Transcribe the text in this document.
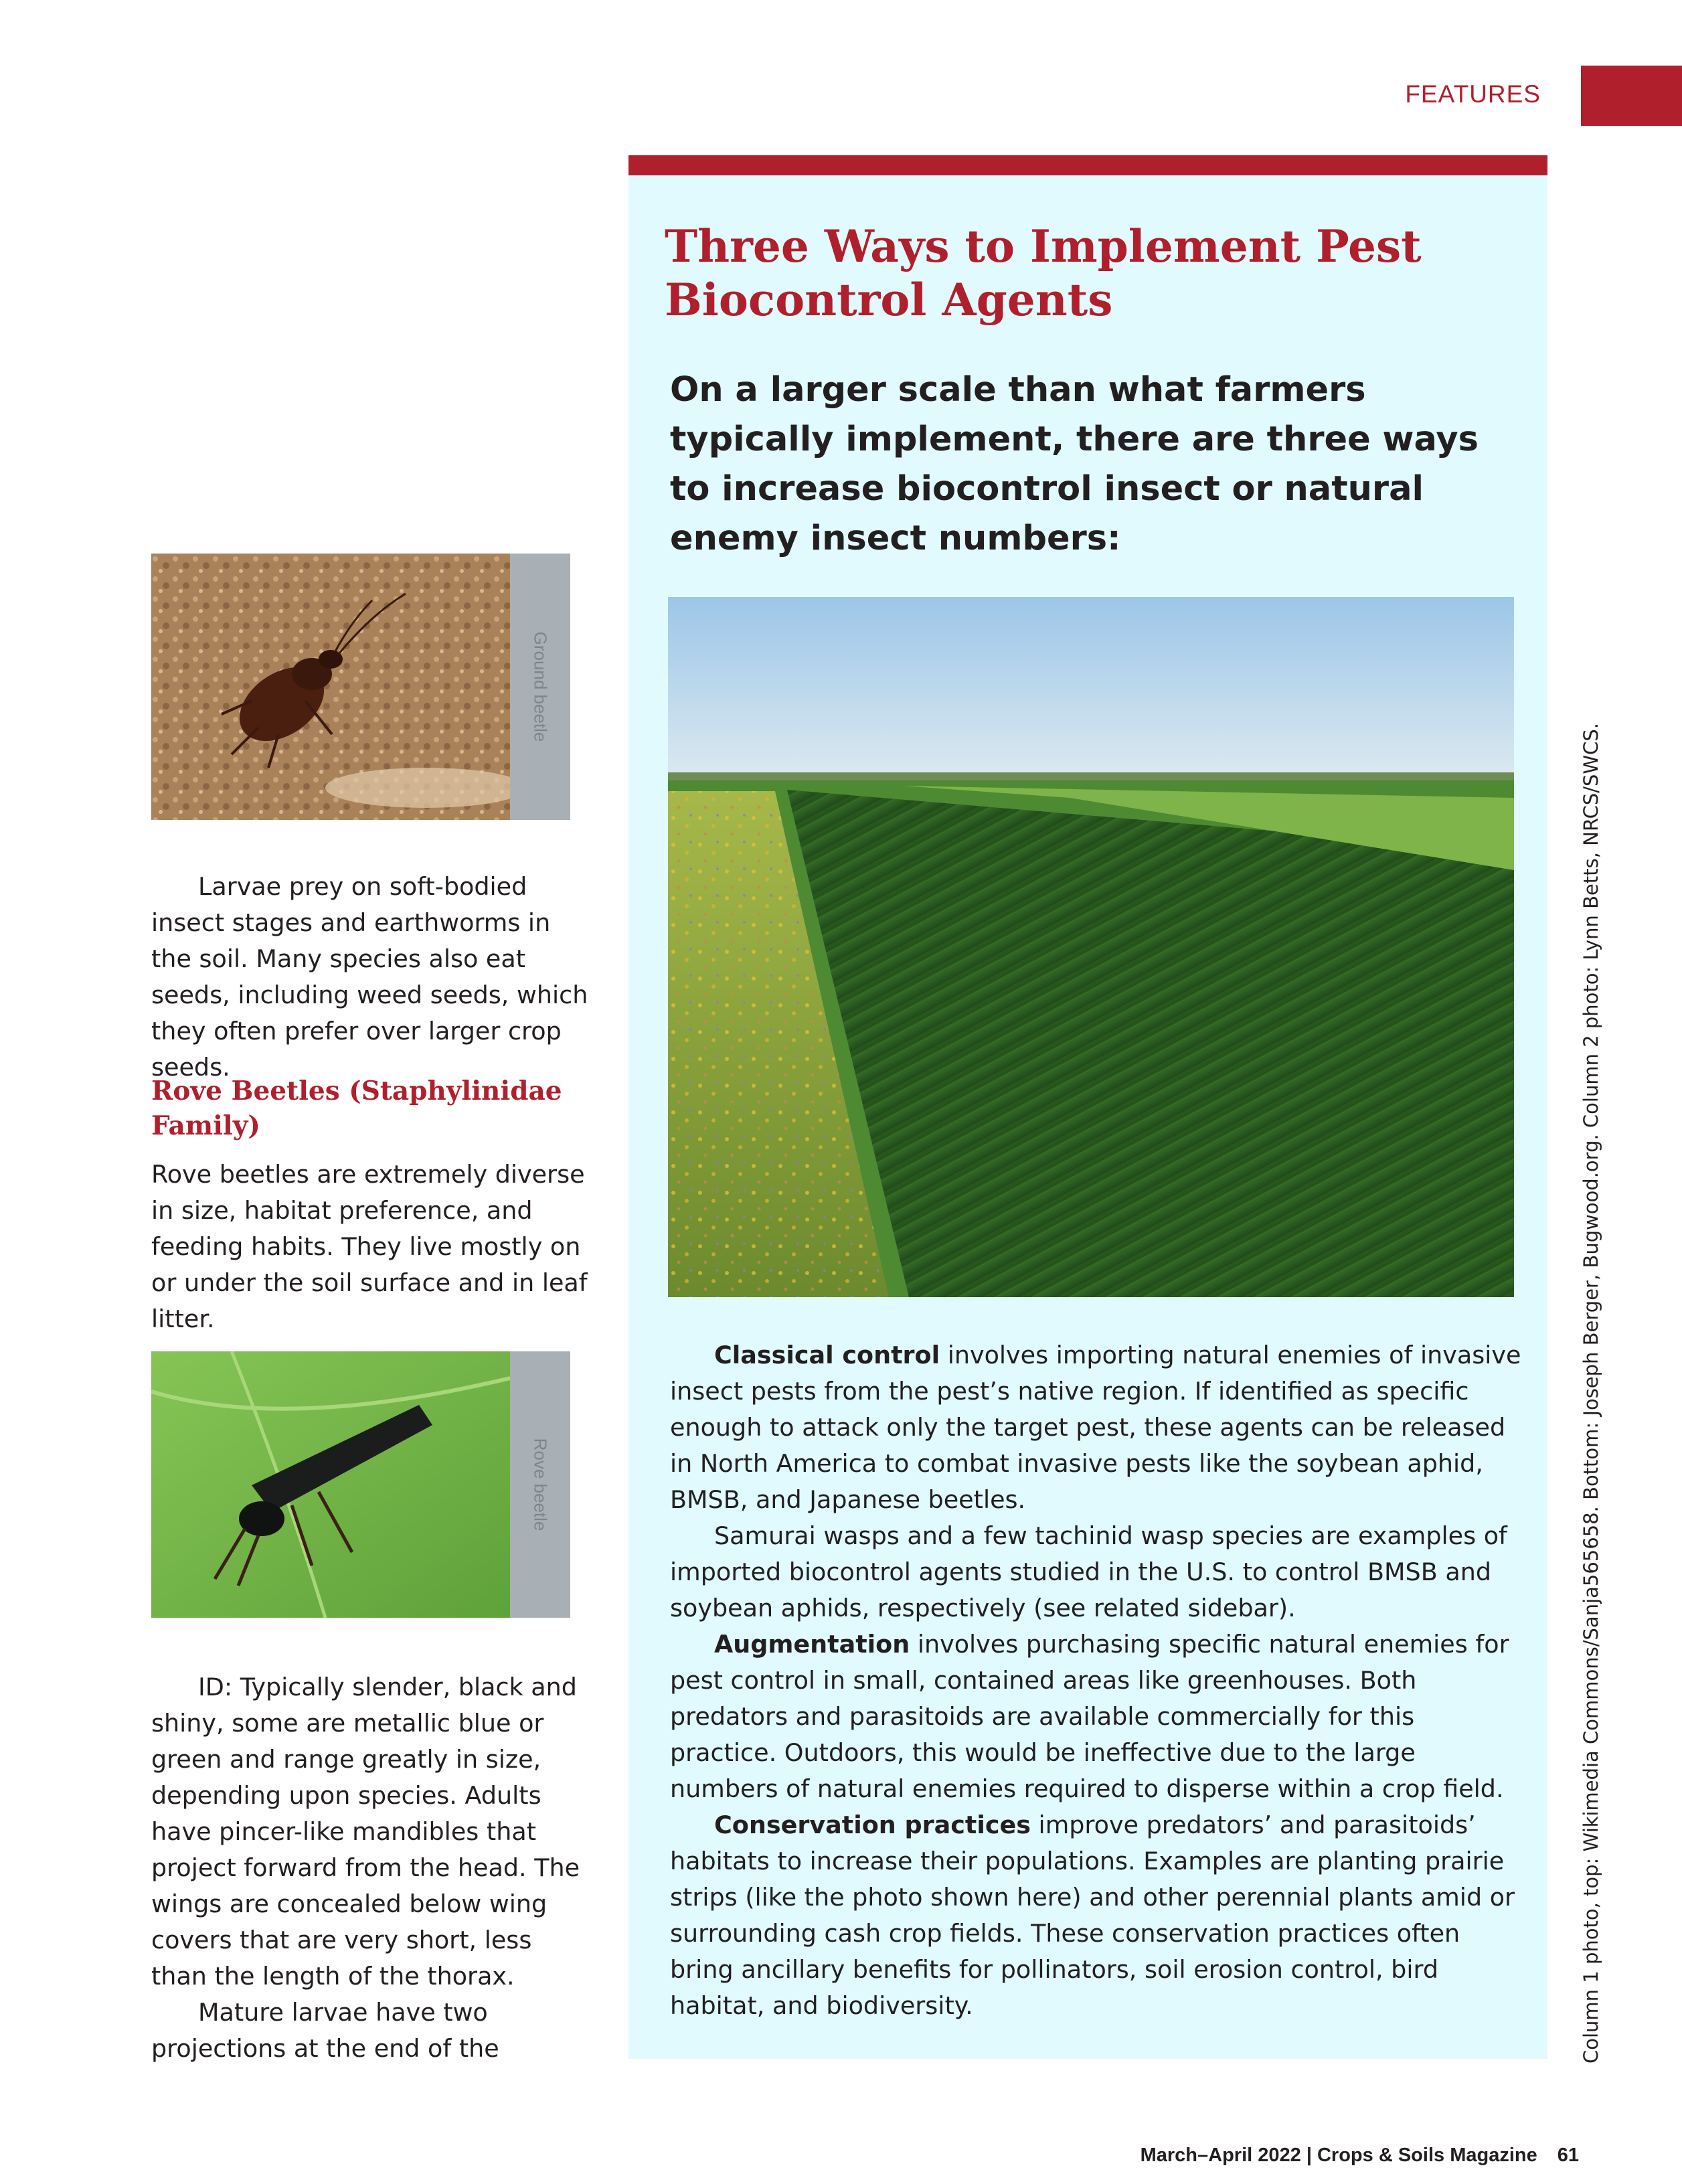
FEATURES
Three Ways to Implement Pest Biocontrol Agents

On a larger scale than what farmers typically implement, there are three ways to increase biocontrol insect or natural enemy insect numbers:

Classical control involves importing natural enemies of invasive insect pests from the pest’s native region. If identified as specific enough to attack only the target pest, these agents can be released in North America to combat invasive pests like the soybean aphid, BMSB, and Japanese beetles.

Samurai wasps and a few tachinid wasp species are examples of imported biocontrol agents studied in the U.S. to control BMSB and soybean aphids, respectively (see related sidebar).

Augmentation involves purchasing specific natural enemies for pest control in small, contained areas like greenhouses. Both predators and parasitoids are available commercially for this practice. Outdoors, this would be ineffective due to the large numbers of natural enemies required to disperse within a crop field.

Conservation practices improve predators’ and parasitoids’ habitats to increase their populations. Examples are planting prairie strips (like the photo shown here) and other perennial plants amid or surrounding cash crop fields. These conservation practices often bring ancillary benefits for pollinators, soil erosion control, bird habitat, and biodiversity.

Ground beetle

Larvae prey on soft-bodied insect stages and earthworms in the soil. Many species also eat seeds, including weed seeds, which they often prefer over larger crop seeds.

Rove Beetles (Staphylinidae Family)

Rove beetles are extremely diverse in size, habitat preference, and feeding habits. They live mostly on or under the soil surface and in leaf litter.

Rove beetle

ID: Typically slender, black and shiny, some are metallic blue or green and range greatly in size, depending upon species. Adults have pincer-like mandibles that project forward from the head. The wings are concealed below wing covers that are very short, less than the length of the thorax.

Mature larvae have two projections at the end of the	Column 1 photo, top: Wikimedia Commons/Sanja565658. Bottom: Joseph Berger, Bugwood.org. Column 2 photo: Lynn Betts, NRCS/SWCS.
March–April 2022 | Crops & Soils Magazine 61
